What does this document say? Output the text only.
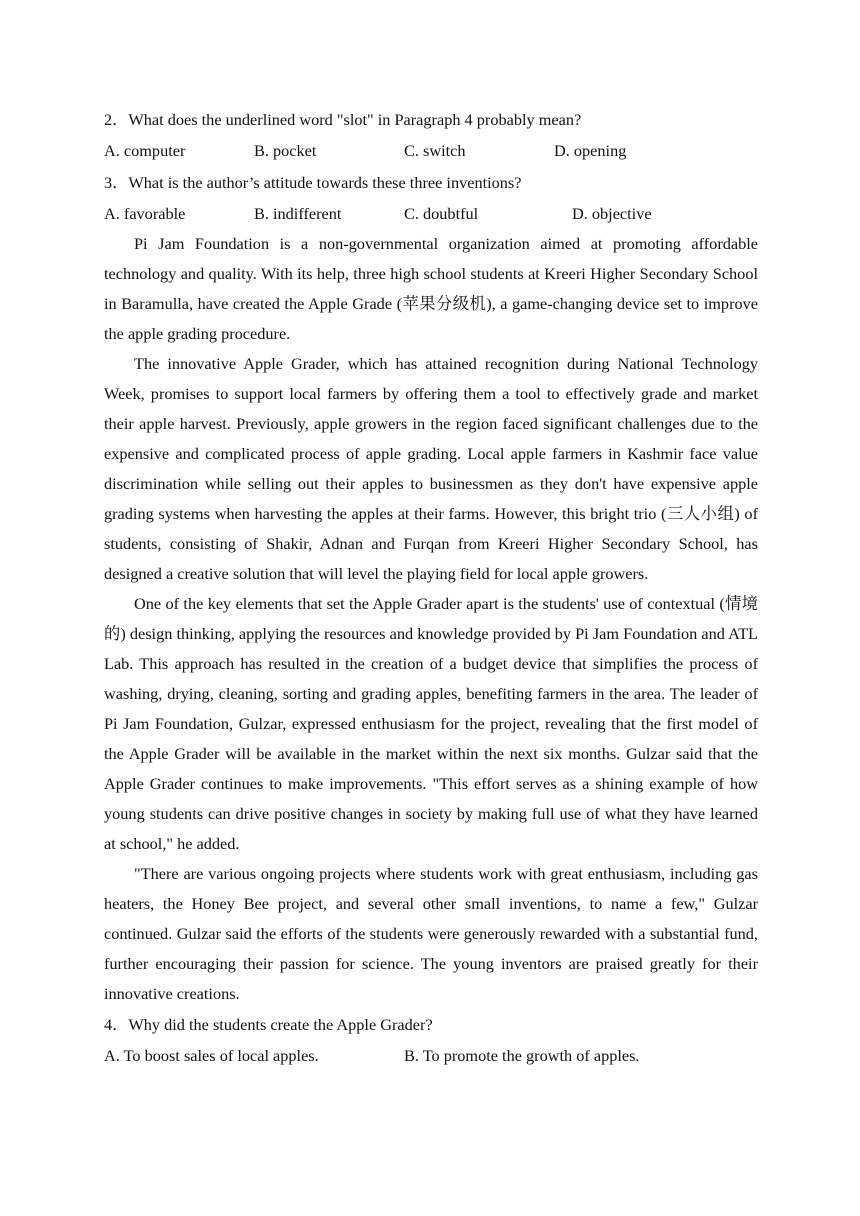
2．What does the underlined word "slot" in Paragraph 4 probably mean?
A. computer	B. pocket	C. switch	D. opening
3．What is the author’s attitude towards these three inventions?
A. favorable	B. indifferent	C. doubtful	D. objective
Pi Jam Foundation is a non-governmental organization aimed at promoting affordable technology and quality. With its help, three high school students at Kreeri Higher Secondary School in Baramulla, have created the Apple Grade (苹果分级机), a game-changing device set to improve the apple grading procedure.
The innovative Apple Grader, which has attained recognition during National Technology Week, promises to support local farmers by offering them a tool to effectively grade and market their apple harvest. Previously, apple growers in the region faced significant challenges due to the expensive and complicated process of apple grading. Local apple farmers in Kashmir face value discrimination while selling out their apples to businessmen as they don't have expensive apple grading systems when harvesting the apples at their farms. However, this bright trio (三人小组) of students, consisting of Shakir, Adnan and Furqan from Kreeri Higher Secondary School, has designed a creative solution that will level the playing field for local apple growers.
One of the key elements that set the Apple Grader apart is the students' use of contextual (情境的) design thinking, applying the resources and knowledge provided by Pi Jam Foundation and ATL Lab. This approach has resulted in the creation of a budget device that simplifies the process of washing, drying, cleaning, sorting and grading apples, benefiting farmers in the area. The leader of Pi Jam Foundation, Gulzar, expressed enthusiasm for the project, revealing that the first model of the Apple Grader will be available in the market within the next six months. Gulzar said that the Apple Grader continues to make improvements. "This effort serves as a shining example of how young students can drive positive changes in society by making full use of what they have learned at school," he added.
"There are various ongoing projects where students work with great enthusiasm, including gas heaters, the Honey Bee project, and several other small inventions, to name a few," Gulzar continued. Gulzar said the efforts of the students were generously rewarded with a substantial fund, further encouraging their passion for science. The young inventors are praised greatly for their innovative creations.
4．Why did the students create the Apple Grader?
A. To boost sales of local apples.	B. To promote the growth of apples.
